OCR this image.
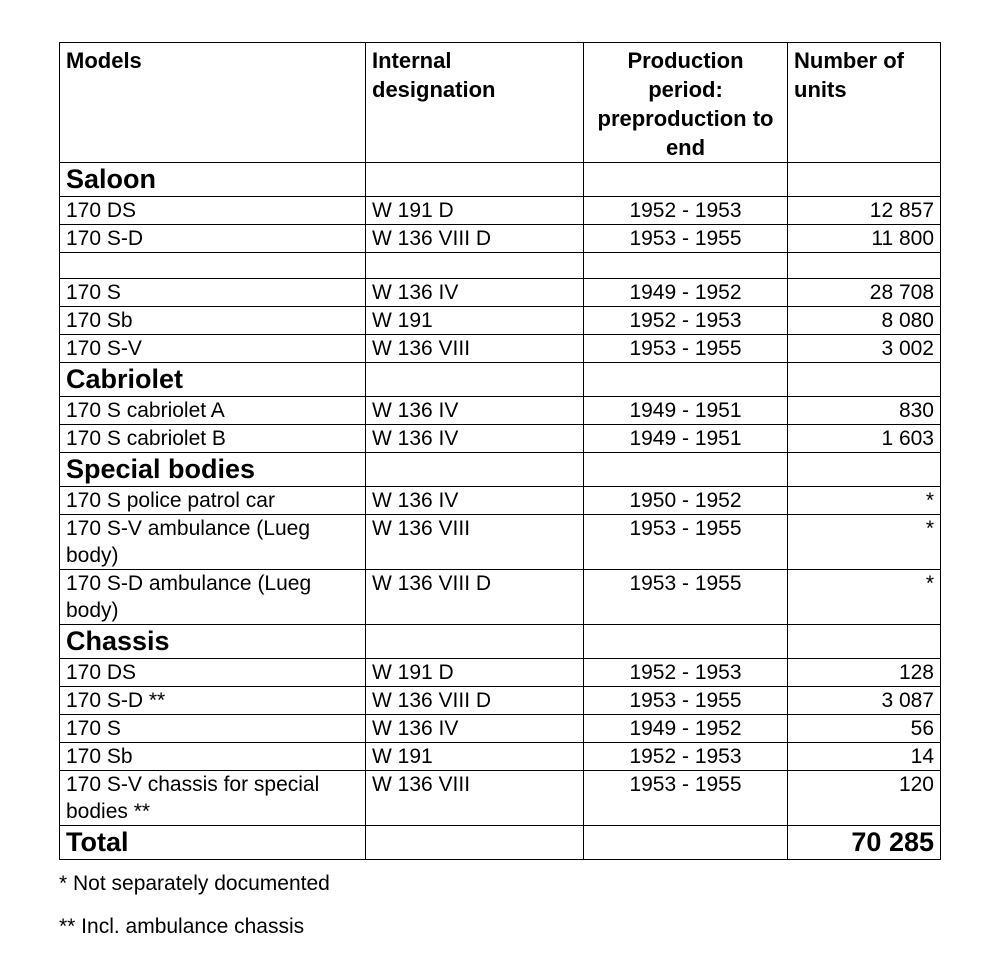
Models	Internal designation	Production period: preproduction to end	Number of units
Saloon			
170 DS	W 191 D	1952 - 1953	12 857
170 S-D	W 136 VIII D	1953 - 1955	11 800

170 S	W 136 IV	1949 - 1952	28 708
170 Sb	W 191	1952 - 1953	8 080
170 S-V	W 136 VIII	1953 - 1955	3 002
Cabriolet			
170 S cabriolet A	W 136 IV	1949 - 1951	830
170 S cabriolet B	W 136 IV	1949 - 1951	1 603
Special bodies			
170 S police patrol car	W 136 IV	1950 - 1952	*
170 S-V ambulance (Lueg body)	W 136 VIII	1953 - 1955	*
170 S-D ambulance (Lueg body)	W 136 VIII D	1953 - 1955	*
Chassis			
170 DS	W 191 D	1952 - 1953	128
170 S-D **	W 136 VIII D	1953 - 1955	3 087
170 S	W 136 IV	1949 - 1952	56
170 Sb	W 191	1952 - 1953	14
170 S-V chassis for special bodies **	W 136 VIII	1953 - 1955	120
Total			70 285
* Not separately documented
** Incl. ambulance chassis
